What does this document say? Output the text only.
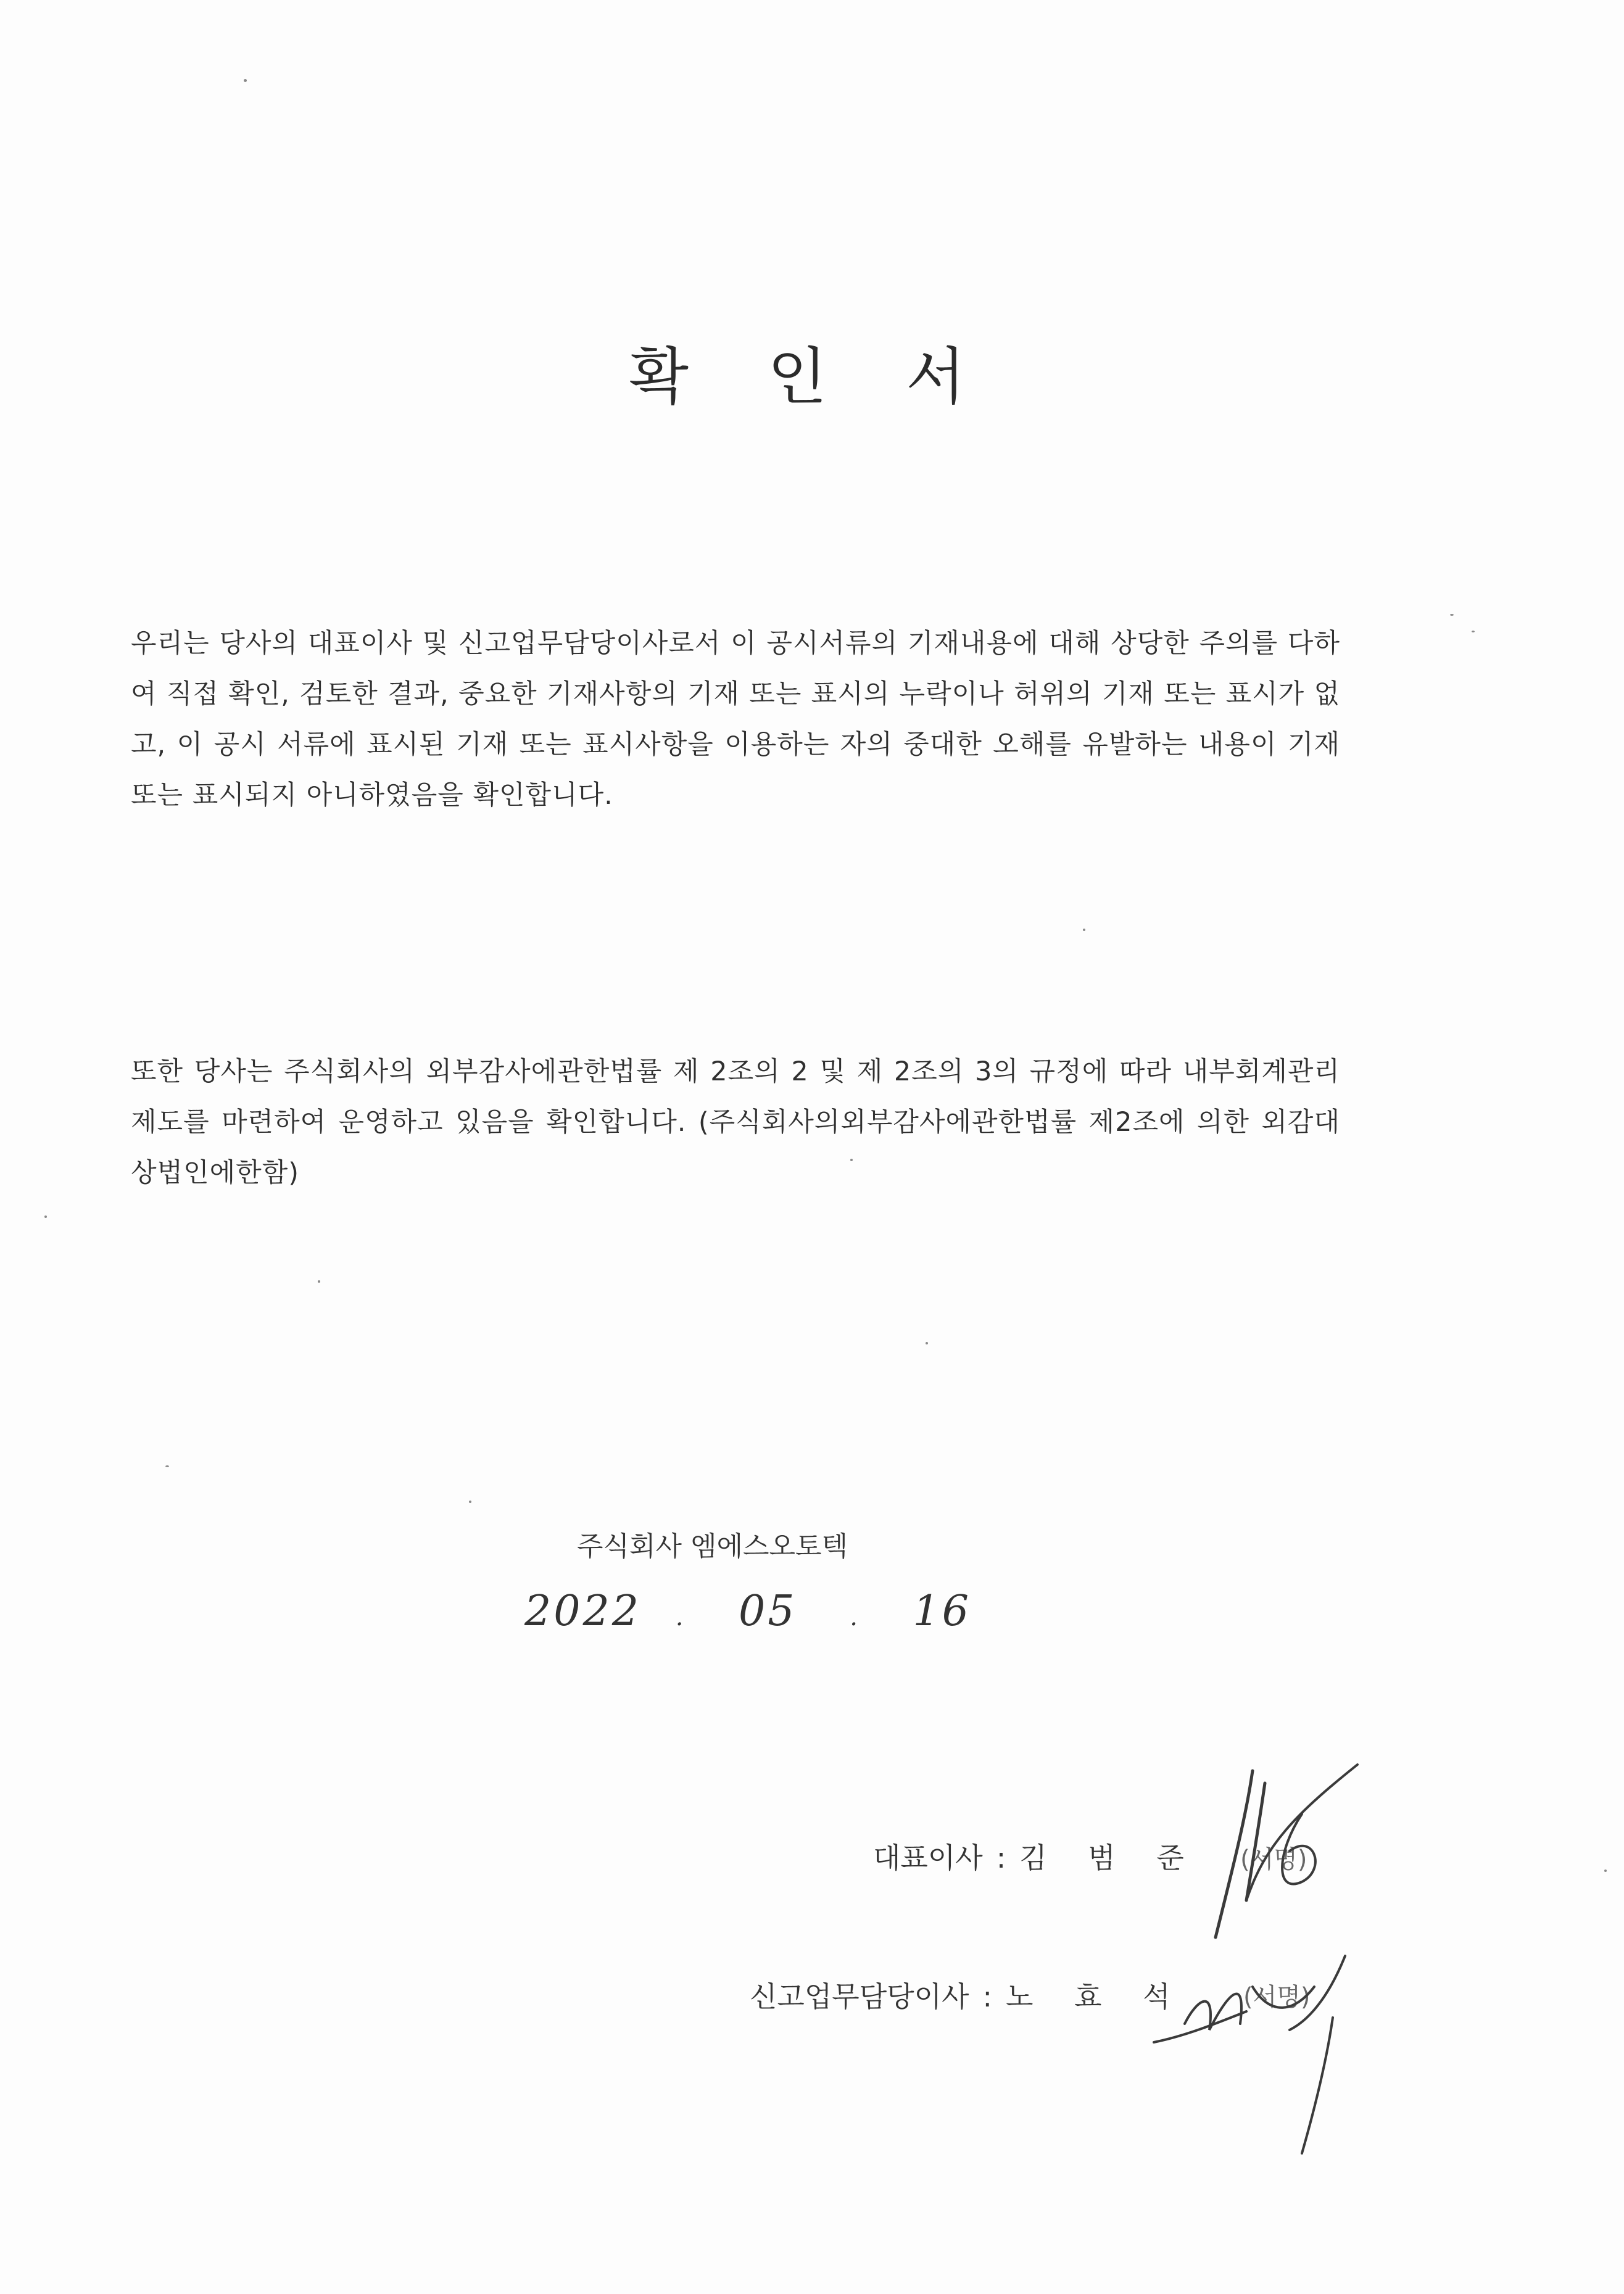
확 인 서
우리는 당사의 대표이사 및 신고업무담당이사로서 이 공시서류의 기재내용에 대해 상당한 주의를 다하여 직접 확인, 검토한 결과, 중요한 기재사항의 기재 또는 표시의 누락이나 허위의 기재 또는 표시가 없고, 이 공시 서류에 표시된 기재 또는 표시사항을 이용하는 자의 중대한 오해를 유발하는 내용이 기재 또는 표시되지 아니하였음을 확인합니다.
또한 당사는 주식회사의 외부감사에관한법률 제 2조의 2 및 제 2조의 3의 규정에 따라 내부회계관리제도를 마련하여 운영하고 있음을 확인합니다. (주식회사의외부감사에관한법률 제2조에 의한 외감대상법인에한함)
주식회사 엠에스오토텍
2022 . 05 . 16
대표이사 : 김 범 준 (서명)
신고업무담당이사 : 노 효 석 (서명)
